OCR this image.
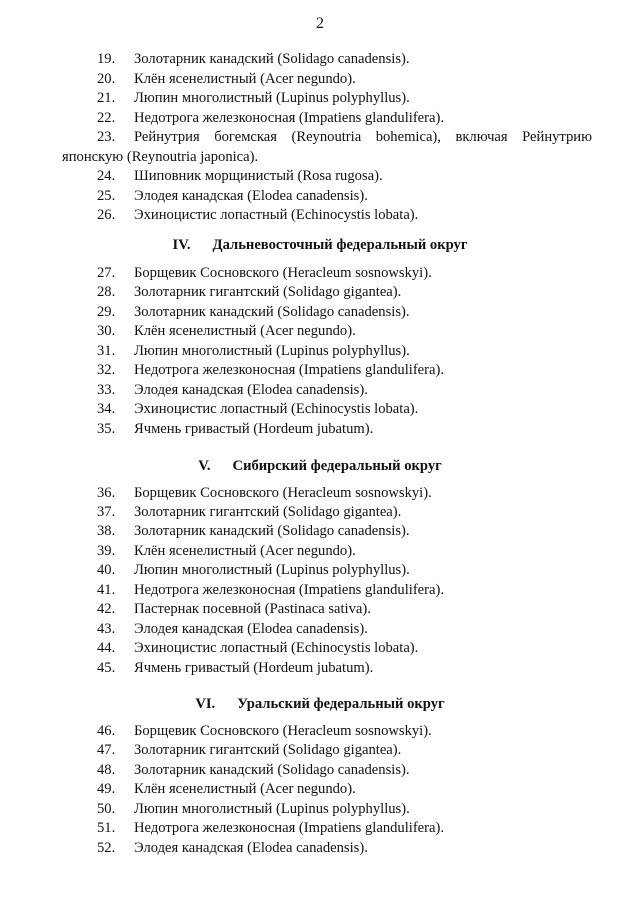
2
19. Золотарник канадский (Solidago canadensis).
20. Клён ясенелистный (Acer negundo).
21. Люпин многолистный (Lupinus polyphyllus).
22. Недотрога железконосная (Impatiens glandulifera).
23. Рейнутрия богемская (Reynoutria bohemica), включая Рейнутрию
японскую (Reynoutria japonica).
24. Шиповник морщинистый (Rosa rugosa).
25. Элодея канадская (Elodea canadensis).
26. Эхиноцистис лопастный (Echinocystis lobata).
IV. Дальневосточный федеральный округ
27. Борщевик Сосновского (Heracleum sosnowskyi).
28. Золотарник гигантский (Solidago gigantea).
29. Золотарник канадский (Solidago canadensis).
30. Клён ясенелистный (Acer negundo).
31. Люпин многолистный (Lupinus polyphyllus).
32. Недотрога железконосная (Impatiens glandulifera).
33. Элодея канадская (Elodea canadensis).
34. Эхиноцистис лопастный (Echinocystis lobata).
35. Ячмень гривастый (Hordeum jubatum).
V. Сибирский федеральный округ
36. Борщевик Сосновского (Heracleum sosnowskyi).
37. Золотарник гигантский (Solidago gigantea).
38. Золотарник канадский (Solidago canadensis).
39. Клён ясенелистный (Acer negundo).
40. Люпин многолистный (Lupinus polyphyllus).
41. Недотрога железконосная (Impatiens glandulifera).
42. Пастернак посевной (Pastinaca sativa).
43. Элодея канадская (Elodea canadensis).
44. Эхиноцистис лопастный (Echinocystis lobata).
45. Ячмень гривастый (Hordeum jubatum).
VI. Уральский федеральный округ
46. Борщевик Сосновского (Heracleum sosnowskyi).
47. Золотарник гигантский (Solidago gigantea).
48. Золотарник канадский (Solidago canadensis).
49. Клён ясенелистный (Acer negundo).
50. Люпин многолистный (Lupinus polyphyllus).
51. Недотрога железконосная (Impatiens glandulifera).
52. Элодея канадская (Elodea canadensis).
